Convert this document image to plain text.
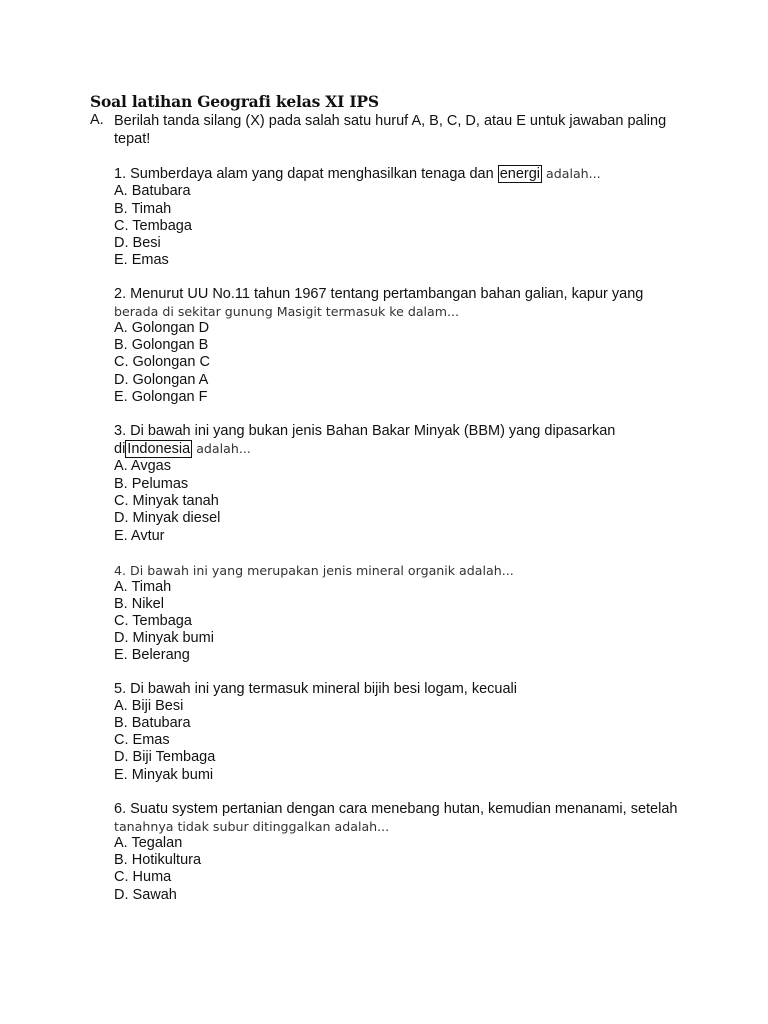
Soal latihan Geografi kelas XI IPS
A. Berilah tanda silang (X) pada salah satu huruf A, B, C, D, atau E untuk jawaban paling tepat!
1. Sumberdaya alam yang dapat menghasilkan tenaga dan energi adalah...
A. Batubara
B. Timah
C. Tembaga
D. Besi
E. Emas
2. Menurut UU No.11 tahun 1967 tentang pertambangan bahan galian, kapur yang
berada di sekitar gunung Masigit termasuk ke dalam...
A. Golongan D
B. Golongan B
C. Golongan C
D. Golongan A
E. Golongan F
3. Di bawah ini yang bukan jenis Bahan Bakar Minyak (BBM) yang dipasarkan
di Indonesia adalah...
A. Avgas
B. Pelumas
C. Minyak tanah
D. Minyak diesel
E. Avtur
4. Di bawah ini yang merupakan jenis mineral organik adalah...
A. Timah
B. Nikel
C. Tembaga
D. Minyak bumi
E. Belerang
5. Di bawah ini yang termasuk mineral bijih besi logam, kecuali
A. Biji Besi
B. Batubara
C. Emas
D. Biji Tembaga
E. Minyak bumi
6. Suatu system pertanian dengan cara menebang hutan, kemudian menanami, setelah
tanahnya tidak subur ditinggalkan adalah...
A. Tegalan
B. Hotikultura
C. Huma
D. Sawah
